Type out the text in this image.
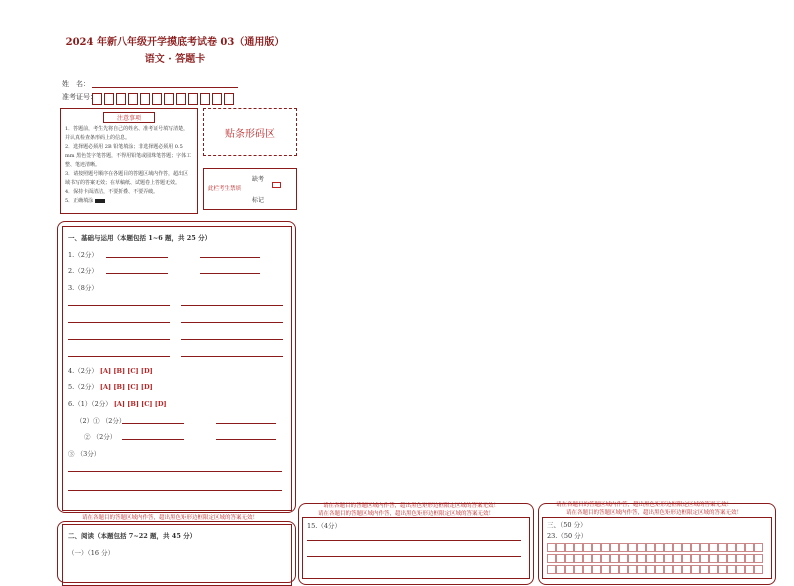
2024 年新八年级开学摸底考试卷 03（通用版）
语文 · 答题卡
姓　名：
准考证号：
注意事项
1．答题前，考生先将自己的姓名、准考证号填写清楚，并认真检查条形码上的信息。
2．选择题必须用 2B 铅笔填涂；非选择题必须用 0.5 mm 黑色签字笔答题，不得用铅笔或圆珠笔答题；字体工整、笔迹清晰。
3．请按照题号顺序在各题目的答题区域内作答，超出区域书写的答案无效；在草稿纸、试题卷上答题无效。
4．保持卡面清洁，不要折叠、不要弄破。
5．正确填涂
贴条形码区
此栏考生禁填
缺考
标记
一、基础与运用（本题包括 1~6 题，共 25 分）
1.（2分）
2.（2分）
3.（8分）
4.（2分） [A] [B] [C] [D]
5.（2分） [A] [B] [C] [D]
6.（1）（2分） [A] [B] [C] [D]
（2）① （2分）
② （2分）
③ （3分）
请在各题目的答题区域内作答，超出黑色矩形边框限定区域的答案无效！
二、阅读（本题包括 7~22 题，共 45 分）
（一）（16 分）
请在各题目的答题区域内作答，超出黑色矩形边框限定区域的答案无效！
请在各题目的答题区域内作答，超出黑色矩形边框限定区域的答案无效！
15.（4分）
请在各题目的答题区域内作答，超出黑色矩形边框限定区域的答案无效！
请在各题目的答题区域内作答，超出黑色矩形边框限定区域的答案无效！
三、（50 分）
23.（50 分）
